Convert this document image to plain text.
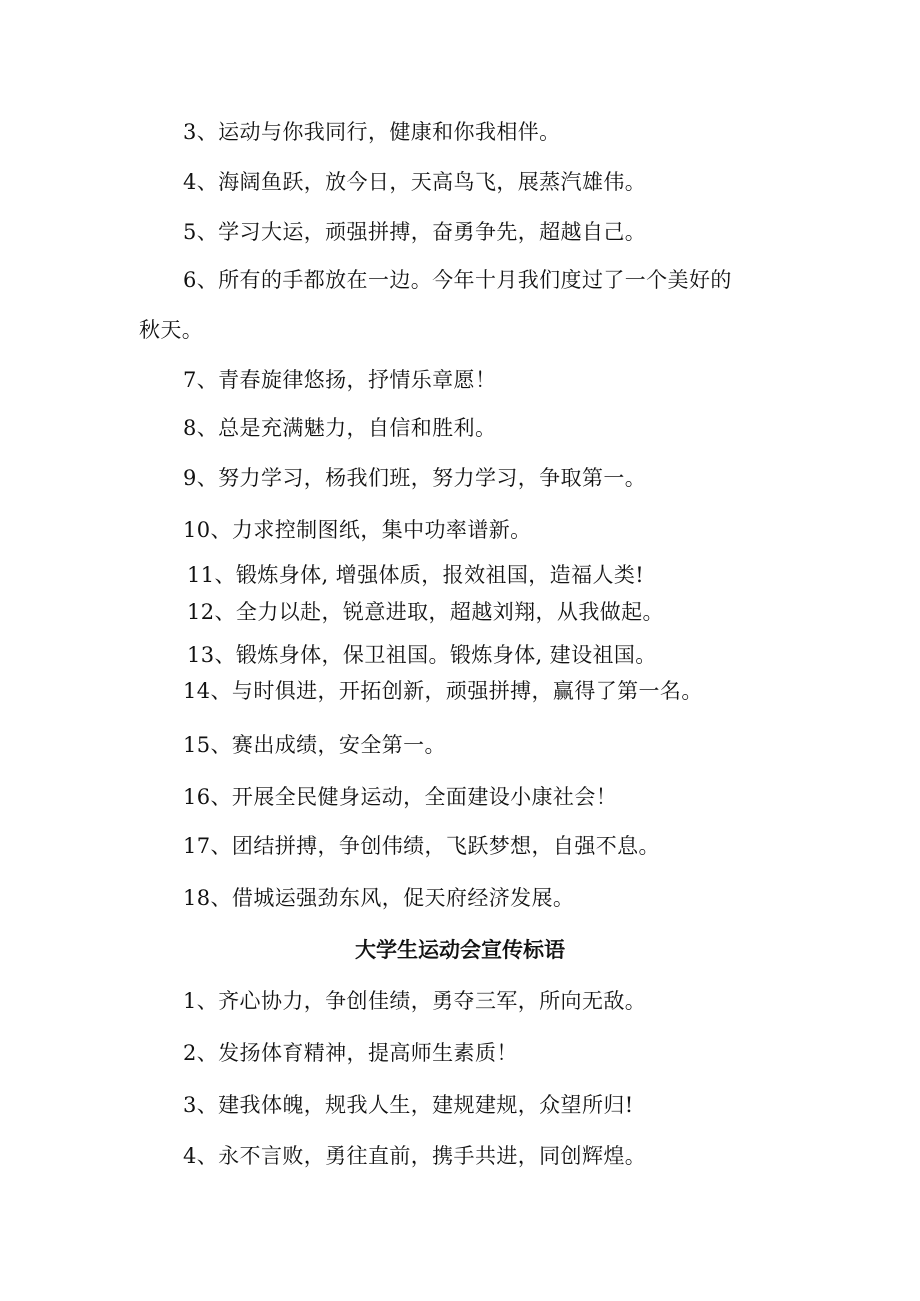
3、运动与你我同行，健康和你我相伴。
4、海阔鱼跃，放今日，天高鸟飞，展蒸汽雄伟。
5、学习大运，顽强拼搏，奋勇争先，超越自己。
6、所有的手都放在一边。今年十月我们度过了一个美好的
秋天。
7、青春旋律悠扬，抒情乐章愿！
8、总是充满魅力，自信和胜利。
9、努力学习，杨我们班，努力学习，争取第一。
10、力求控制图纸，集中功率谱新。
11、锻炼身体, 增强体质，报效祖国，造福人类!
12、全力以赴，锐意进取，超越刘翔，从我做起。
13、锻炼身体，保卫祖国。锻炼身体, 建设祖国。
14、与时俱进，开拓创新，顽强拼搏，赢得了第一名。
15、赛出成绩，安全第一。
16、开展全民健身运动，全面建设小康社会！
17、团结拼搏，争创伟绩，飞跃梦想，自强不息。
18、借城运强劲东风，促天府经济发展。
大学生运动会宣传标语
1、齐心协力，争创佳绩，勇夺三军，所向无敌。
2、发扬体育精神，提高师生素质！
3、建我体魄，规我人生，建规建规，众望所归!
4、永不言败，勇往直前，携手共进，同创辉煌。
